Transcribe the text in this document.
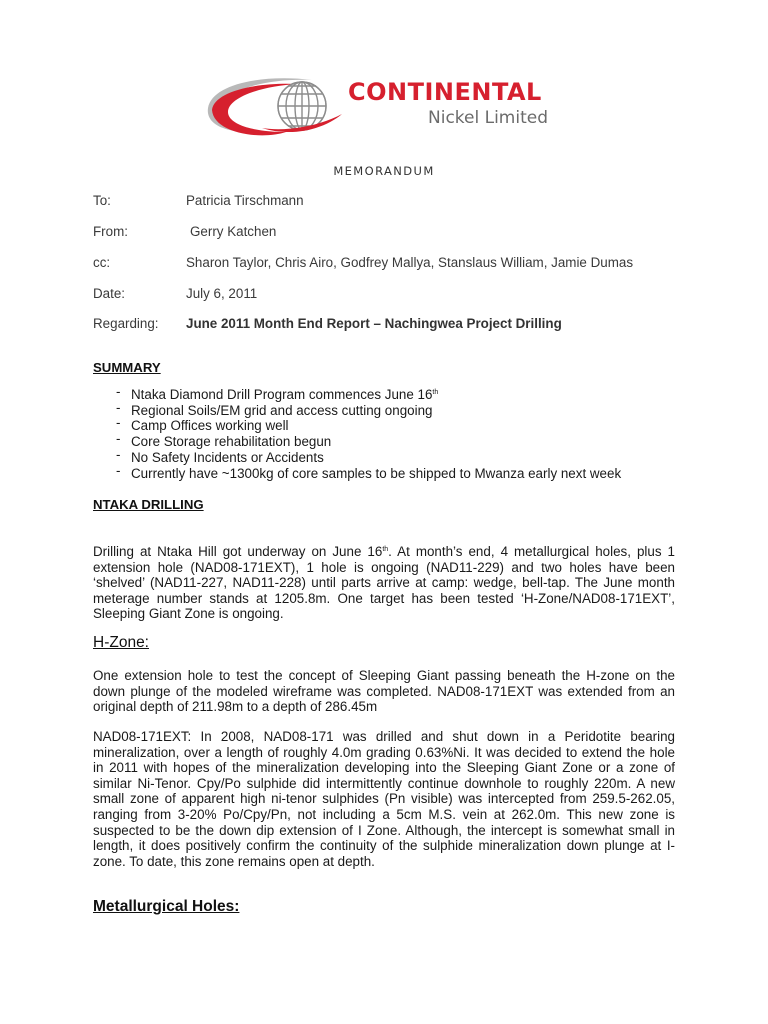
CONTINENTAL
Nickel Limited
MEMORANDUM
To:	Patricia Tirschmann
From:	Gerry Katchen
cc:	Sharon Taylor, Chris Airo, Godfrey Mallya, Stanslaus William, Jamie Dumas
Date:	July 6, 2011
Regarding: June 2011 Month End Report – Nachingwea Project Drilling
SUMMARY
- Ntaka Diamond Drill Program commences June 16th
- Regional Soils/EM grid and access cutting ongoing
- Camp Offices working well
- Core Storage rehabilitation begun
- No Safety Incidents or Accidents
- Currently have ~1300kg of core samples to be shipped to Mwanza early next week
NTAKA DRILLING

Drilling at Ntaka Hill got underway on June 16th. At month’s end, 4 metallurgical holes, plus 1 extension hole (NAD08-171EXT), 1 hole is ongoing (NAD11-229) and two holes have been ‘shelved’ (NAD11-227, NAD11-228) until parts arrive at camp: wedge, bell-tap. The June month meterage number stands at 1205.8m. One target has been tested ‘H-Zone/NAD08-171EXT’, Sleeping Giant Zone is ongoing.

H-Zone:

One extension hole to test the concept of Sleeping Giant passing beneath the H-zone on the down plunge of the modeled wireframe was completed. NAD08-171EXT was extended from an original depth of 211.98m to a depth of 286.45m

NAD08-171EXT: In 2008, NAD08-171 was drilled and shut down in a Peridotite bearing mineralization, over a length of roughly 4.0m grading 0.63%Ni. It was decided to extend the hole in 2011 with hopes of the mineralization developing into the Sleeping Giant Zone or a zone of similar Ni-Tenor. Cpy/Po sulphide did intermittently continue downhole to roughly 220m. A new small zone of apparent high ni-tenor sulphides (Pn visible) was intercepted from 259.5-262.05, ranging from 3-20% Po/Cpy/Pn, not including a 5cm M.S. vein at 262.0m. This new zone is suspected to be the down dip extension of I Zone. Although, the intercept is somewhat small in length, it does positively confirm the continuity of the sulphide mineralization down plunge at I-zone. To date, this zone remains open at depth.

Metallurgical Holes:
